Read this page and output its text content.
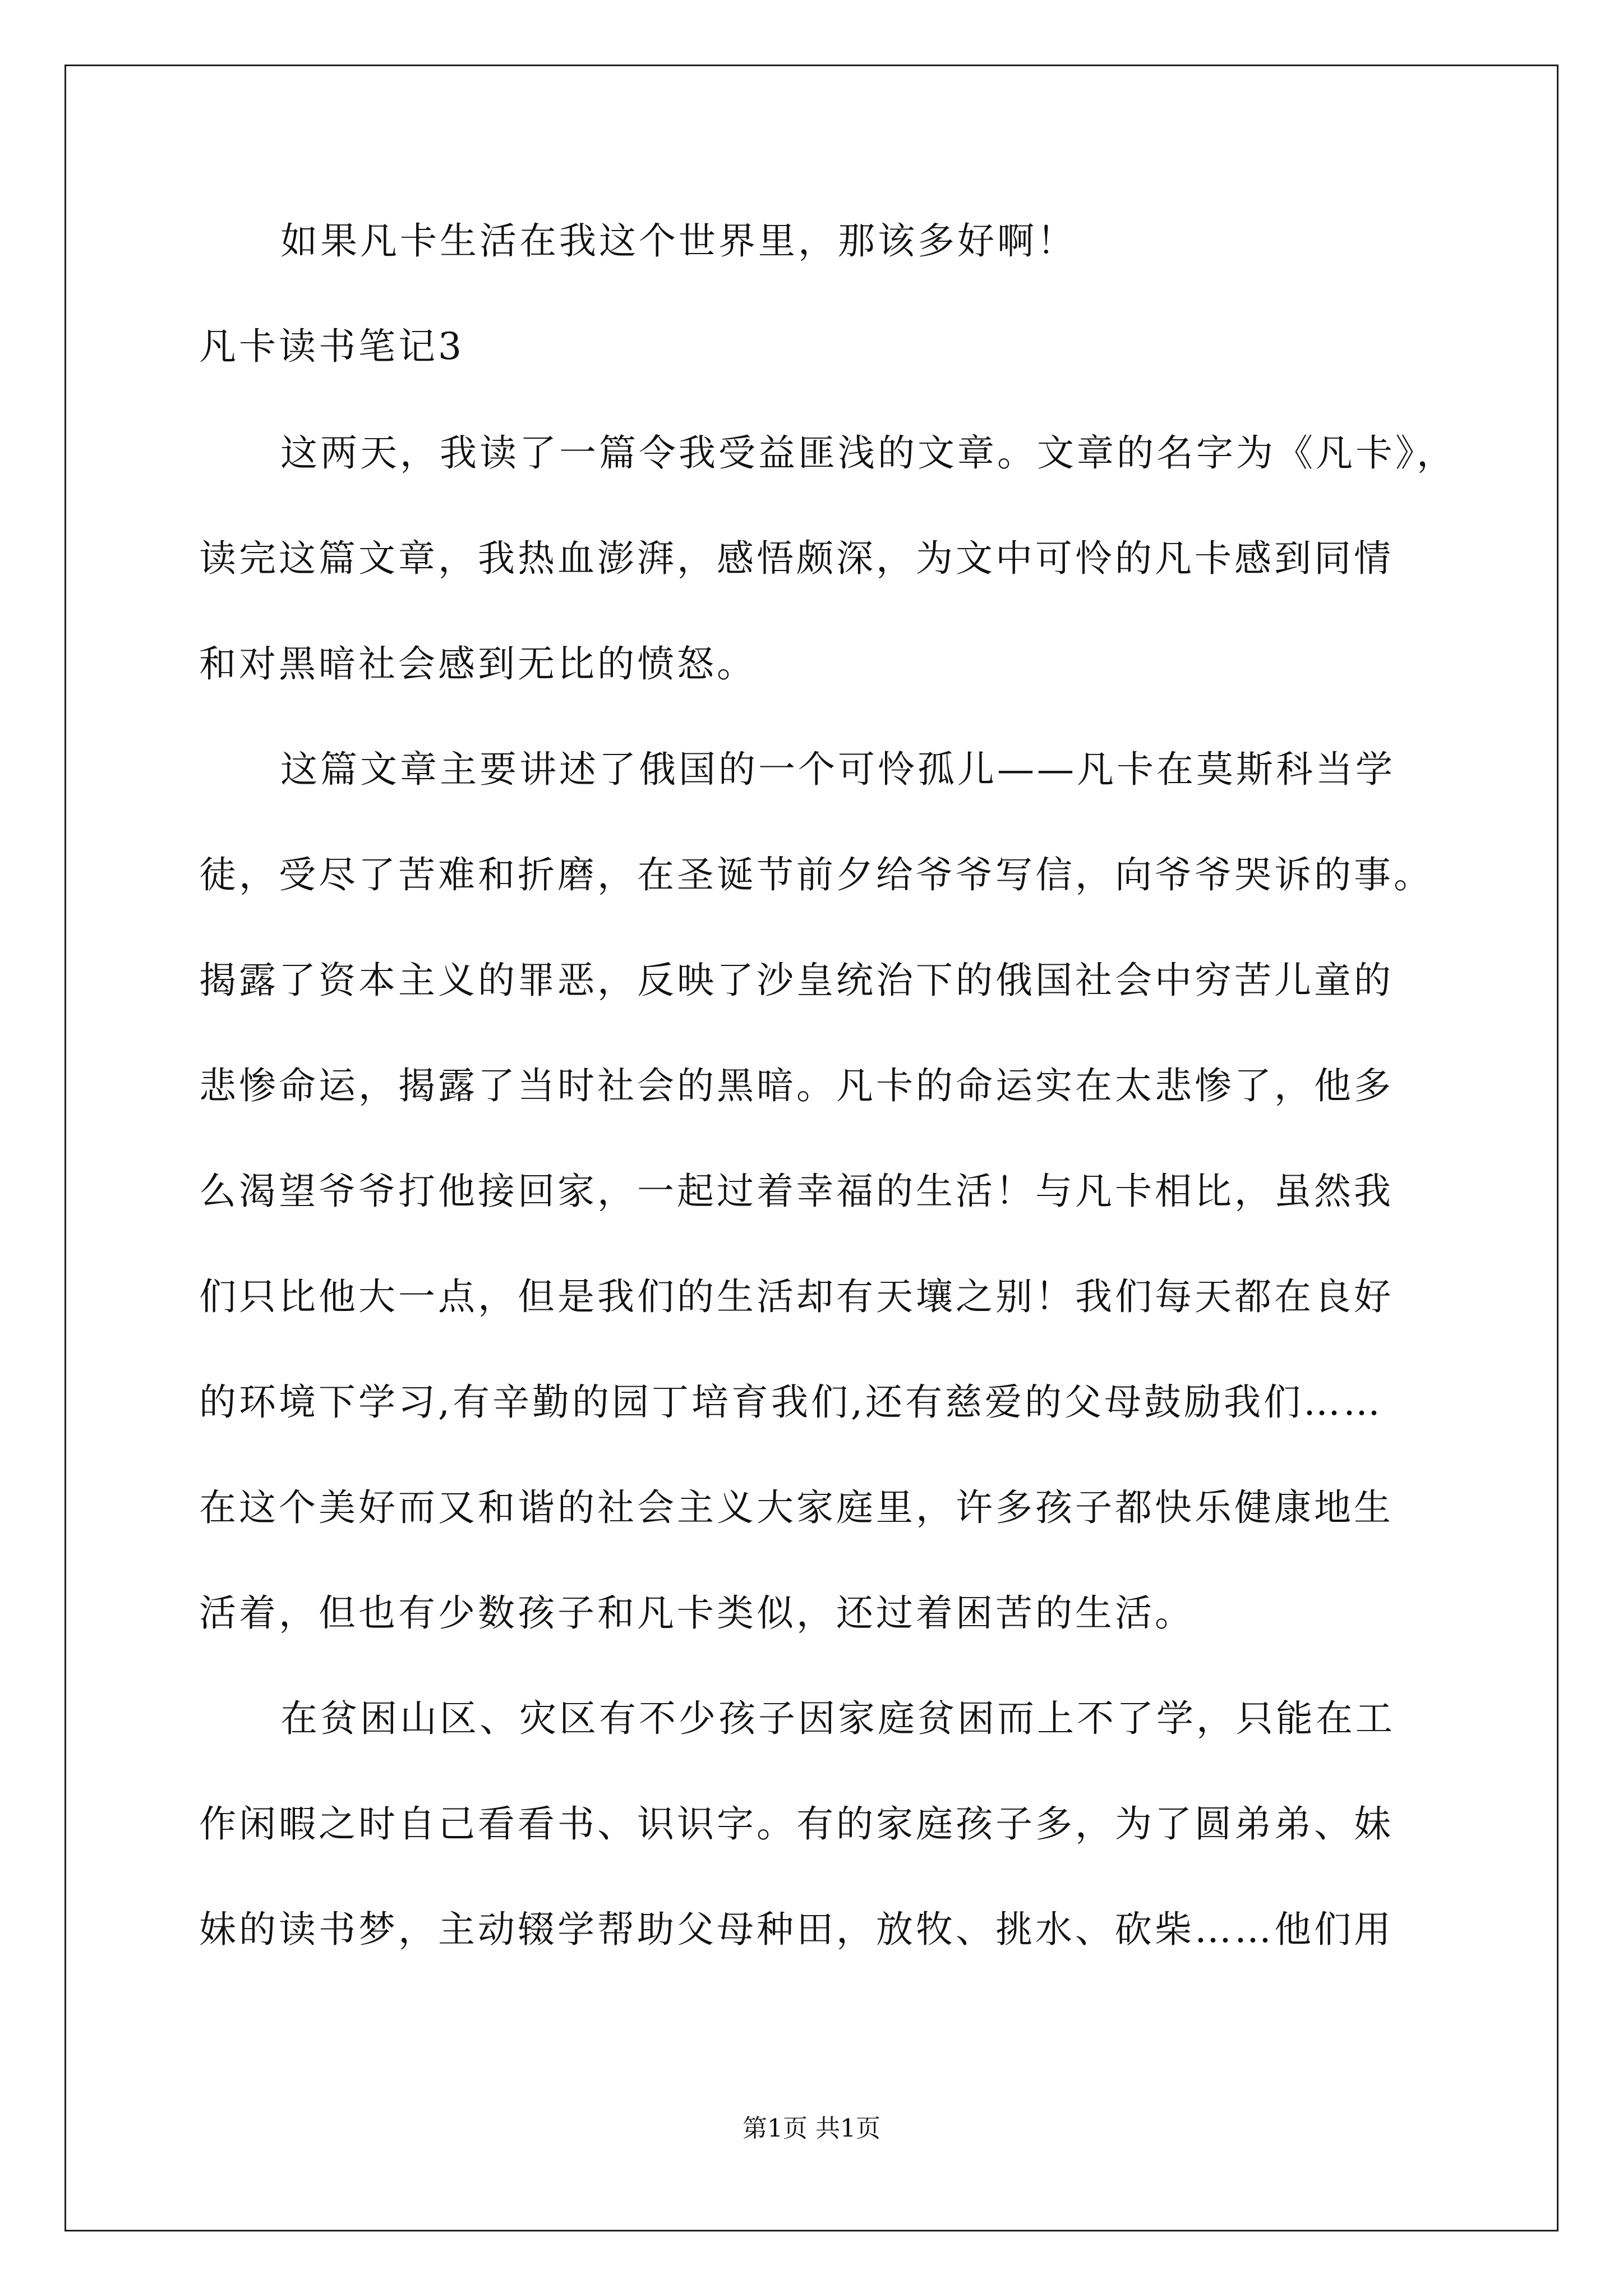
如果凡卡生活在我这个世界里，那该多好啊！
凡卡读书笔记3
这两天，我读了一篇令我受益匪浅的文章。文章的名字为《凡卡》，
读完这篇文章，我热血澎湃，感悟颇深，为文中可怜的凡卡感到同情
和对黑暗社会感到无比的愤怒。
这篇文章主要讲述了俄国的一个可怜孤儿——凡卡在莫斯科当学
徒，受尽了苦难和折磨，在圣诞节前夕给爷爷写信，向爷爷哭诉的事。
揭露了资本主义的罪恶，反映了沙皇统治下的俄国社会中穷苦儿童的
悲惨命运，揭露了当时社会的黑暗。凡卡的命运实在太悲惨了，他多
么渴望爷爷打他接回家，一起过着幸福的生活！与凡卡相比，虽然我
们只比他大一点，但是我们的生活却有天壤之别！我们每天都在良好
的环境下学习,有辛勤的园丁培育我们,还有慈爱的父母鼓励我们……
在这个美好而又和谐的社会主义大家庭里，许多孩子都快乐健康地生
活着，但也有少数孩子和凡卡类似，还过着困苦的生活。
在贫困山区、灾区有不少孩子因家庭贫困而上不了学，只能在工
作闲暇之时自己看看书、识识字。有的家庭孩子多，为了圆弟弟、妹
妹的读书梦，主动辍学帮助父母种田，放牧、挑水、砍柴……他们用
第1页 共1页
